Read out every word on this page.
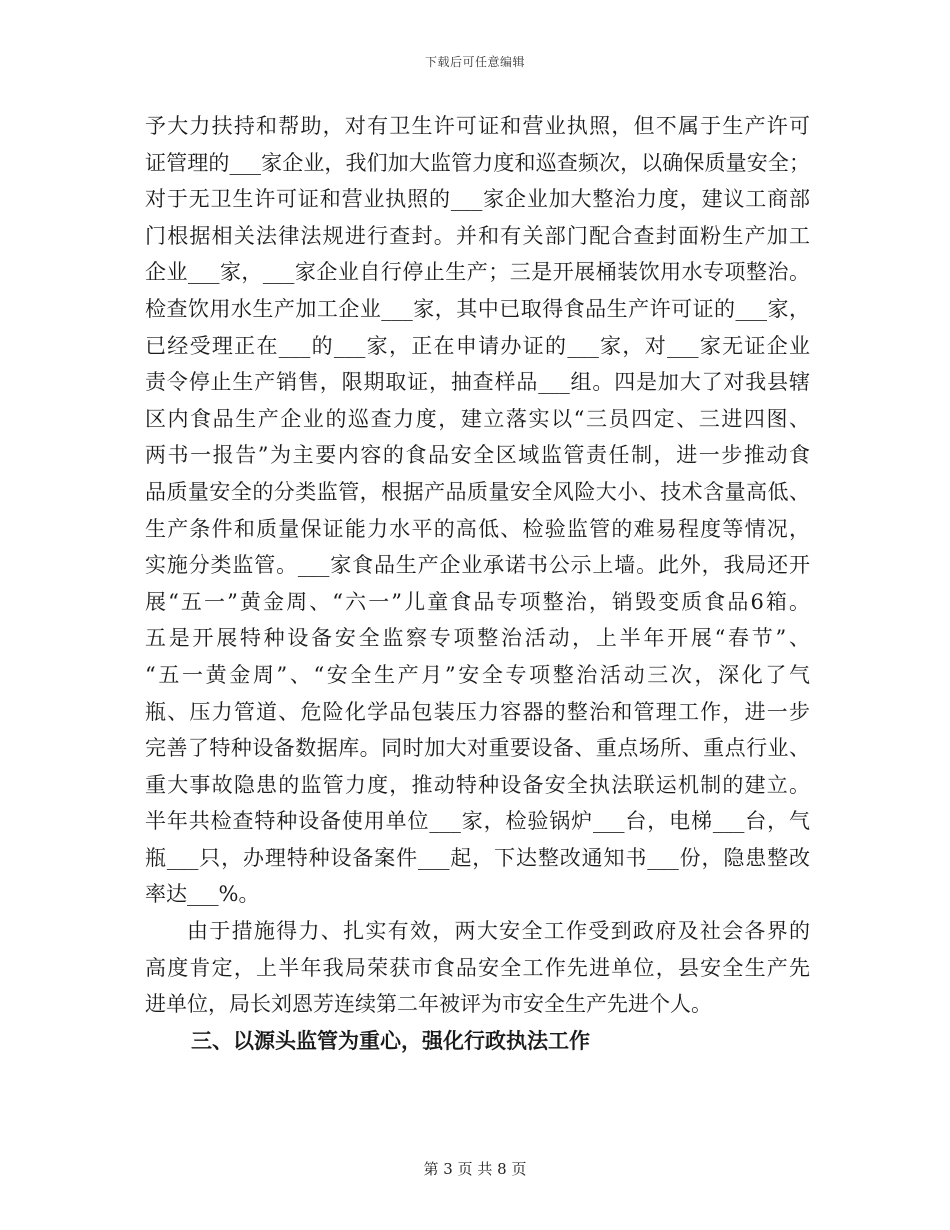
下载后可任意编辑
予大力扶持和帮助，对有卫生许可证和营业执照，但不属于生产许可
证管理的___家企业，我们加大监管力度和巡查频次，以确保质量安全；
对于无卫生许可证和营业执照的___家企业加大整治力度，建议工商部
门根据相关法律法规进行查封。并和有关部门配合查封面粉生产加工
企业___家，___家企业自行停止生产；三是开展桶装饮用水专项整治。
检查饮用水生产加工企业___家，其中已取得食品生产许可证的___家，
已经受理正在___的___家，正在申请办证的___家，对___家无证企业
责令停止生产销售，限期取证，抽查样品___组。四是加大了对我县辖
区内食品生产企业的巡查力度，建立落实以“三员四定、三进四图、
两书一报告”为主要内容的食品安全区域监管责任制，进一步推动食
品质量安全的分类监管，根据产品质量安全风险大小、技术含量高低、
生产条件和质量保证能力水平的高低、检验监管的难易程度等情况，
实施分类监管。___家食品生产企业承诺书公示上墙。此外，我局还开
展“五一”黄金周、“六一”儿童食品专项整治，销毁变质食品6箱。
五是开展特种设备安全监察专项整治活动，上半年开展“春节”、
“五一黄金周”、“安全生产月”安全专项整治活动三次，深化了气
瓶、压力管道、危险化学品包装压力容器的整治和管理工作，进一步
完善了特种设备数据库。同时加大对重要设备、重点场所、重点行业、
重大事故隐患的监管力度，推动特种设备安全执法联运机制的建立。
半年共检查特种设备使用单位___家，检验锅炉___台，电梯___台，气
瓶___只，办理特种设备案件___起，下达整改通知书___份，隐患整改
率达___%。
由于措施得力、扎实有效，两大安全工作受到政府及社会各界的
高度肯定，上半年我局荣获市食品安全工作先进单位，县安全生产先
进单位，局长刘恩芳连续第二年被评为市安全生产先进个人。
三、以源头监管为重心，强化行政执法工作
第 3 页 共 8 页
